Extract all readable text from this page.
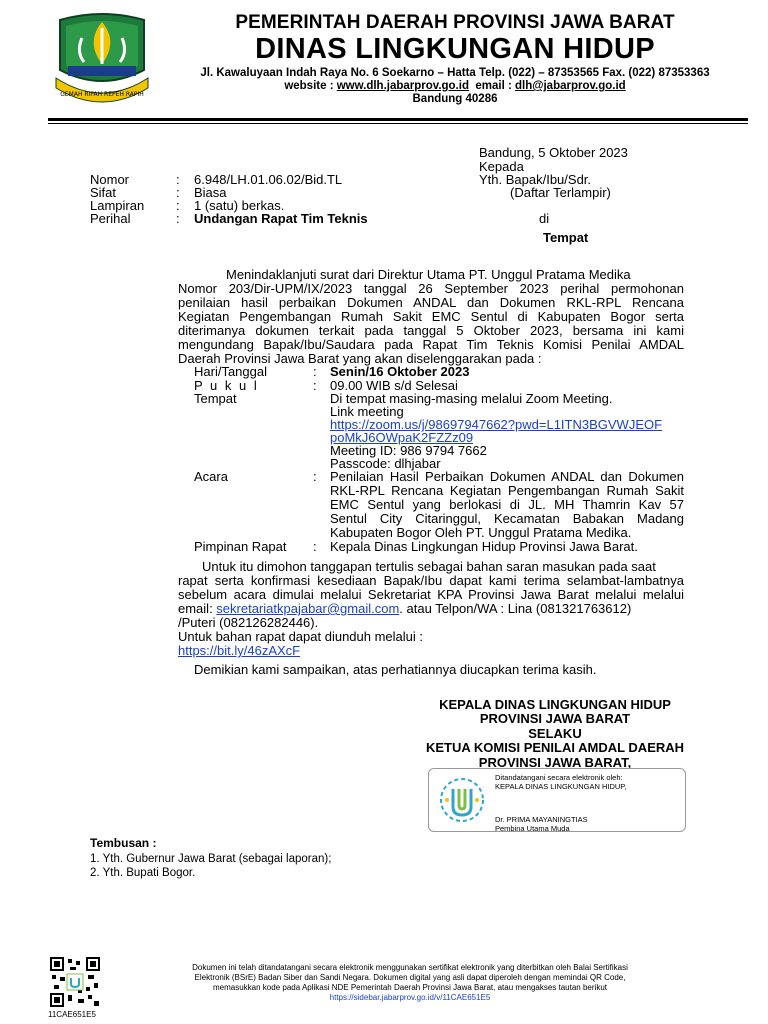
GEMAH RIPAH REPEH RAPIH
PEMERINTAH DAERAH PROVINSI JAWA BARAT
DINAS LINGKUNGAN HIDUP
Jl. Kawaluyaan Indah Raya No. 6 Soekarno – Hatta Telp. (022) – 87353565 Fax. (022) 87353363
website : www.dlh.jabarprov.go.id email : dlh@jabarprov.go.id
Bandung 40286
Bandung, 5 Oktober 2023
Kepada
Yth. Bapak/Ibu/Sdr.
(Daftar Terlampir)
di
Tempat
Nomor	: 6.948/LH.01.06.02/Bid.TL
Sifat	: Biasa
Lampiran : 1 (satu) berkas.
Perihal	: Undangan Rapat Tim Teknis
Menindaklanjuti surat dari Direktur Utama PT. Unggul Pratama Medika
Nomor 203/Dir-UPM/IX/2023 tanggal 26 September 2023 perihal permohonan
penilaian hasil perbaikan Dokumen ANDAL dan Dokumen RKL-RPL Rencana
Kegiatan Pengembangan Rumah Sakit EMC Sentul di Kabupaten Bogor serta
diterimanya dokumen terkait pada tanggal 5 Oktober 2023, bersama ini kami
mengundang Bapak/Ibu/Saudara pada Rapat Tim Teknis Komisi Penilai AMDAL
Daerah Provinsi Jawa Barat yang akan diselenggarakan pada :
Hari/Tanggal	: Senin/16 Oktober 2023
P u k u l	: 09.00 WIB s/d Selesai
Tempat	Di tempat masing-masing melalui Zoom Meeting.
Link meeting
https://zoom.us/j/98697947662?pwd=L1ITN3BGVWJEOF
poMkJ6OWpaK2FZZz09
Meeting ID: 986 9794 7662
Passcode: dlhjabar
Acara	: Penilaian Hasil Perbaikan Dokumen ANDAL dan Dokumen
RKL-RPL Rencana Kegiatan Pengembangan Rumah Sakit
EMC Sentul yang berlokasi di JL. MH Thamrin Kav 57
Sentul City Citaringgul, Kecamatan Babakan Madang
Kabupaten Bogor Oleh PT. Unggul Pratama Medika.
Pimpinan Rapat : Kepala Dinas Lingkungan Hidup Provinsi Jawa Barat.
Untuk itu dimohon tanggapan tertulis sebagai bahan saran masukan pada saat
rapat serta konfirmasi kesediaan Bapak/Ibu dapat kami terima selambat-lambatnya
sebelum acara dimulai melalui Sekretariat KPA Provinsi Jawa Barat melalui melalui
email: sekretariatkpajabar@gmail.com. atau Telpon/WA : Lina (081321763612)
/Puteri (082126282446).
Untuk bahan rapat dapat diunduh melalui :
https://bit.ly/46zAXcF
Demikian kami sampaikan, atas perhatiannya diucapkan terima kasih.
KEPALA DINAS LINGKUNGAN HIDUP
PROVINSI JAWA BARAT
SELAKU
KETUA KOMISI PENILAI AMDAL DAERAH
PROVINSI JAWA BARAT,
Ditandatangani secara elektronik oleh:
KEPALA DINAS LINGKUNGAN HIDUP,
Dr. PRIMA MAYANINGTIAS
Pembina Utama Muda
Tembusan :
1. Yth. Gubernur Jawa Barat (sebagai laporan);
2. Yth. Bupati Bogor.
11CAE651E5
Dokumen ini telah ditandatangani secara elektronik menggunakan sertifikat elektronik yang diterbitkan oleh Balai Sertifikasi
Elektronik (BSrE) Badan Siber dan Sandi Negara. Dokumen digital yang asli dapat diperoleh dengan memindai QR Code,
memasukkan kode pada Aplikasi NDE Pemerintah Daerah Provinsi Jawa Barat, atau mengakses tautan berikut
https://sidebar.jabarprov.go.id/v/11CAE651E5
